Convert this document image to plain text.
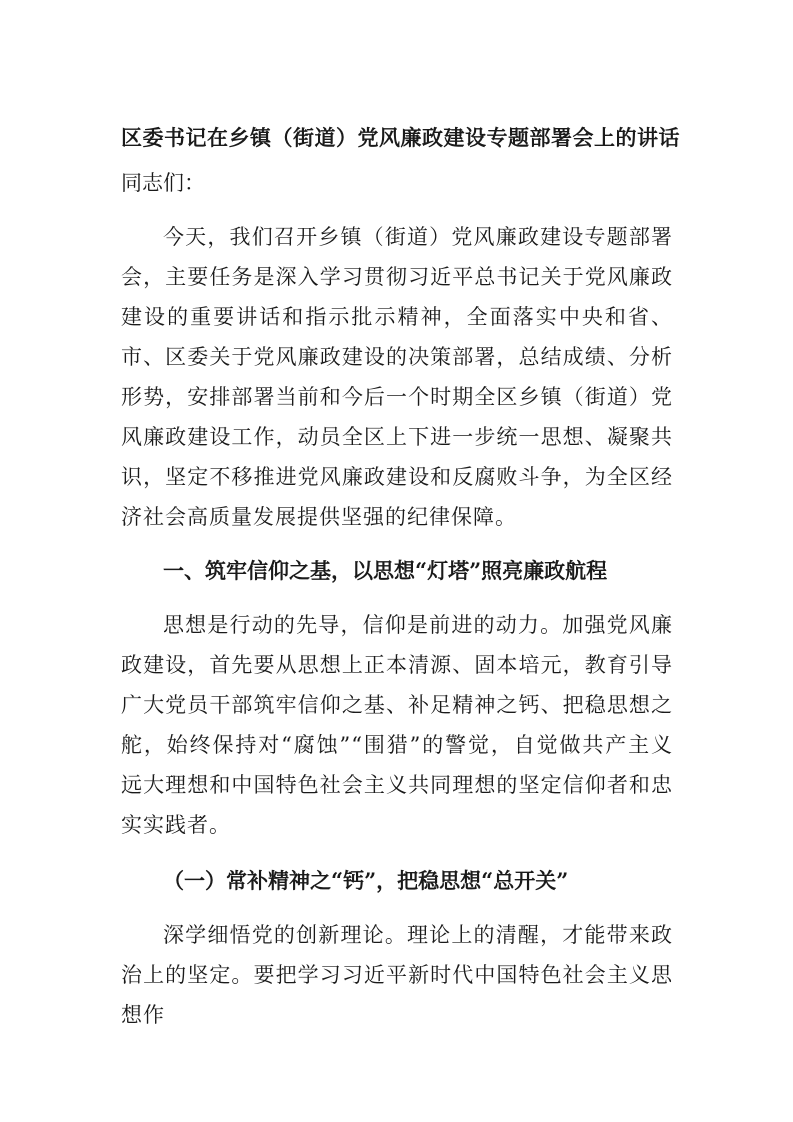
区委书记在乡镇（街道）党风廉政建设专题部署会上的讲话

同志们：

今天，我们召开乡镇（街道）党风廉政建设专题部署会，主要任务是深入学习贯彻习近平总书记关于党风廉政建设的重要讲话和指示批示精神，全面落实中央和省、市、区委关于党风廉政建设的决策部署，总结成绩、分析形势，安排部署当前和今后一个时期全区乡镇（街道）党风廉政建设工作，动员全区上下进一步统一思想、凝聚共识，坚定不移推进党风廉政建设和反腐败斗争，为全区经济社会高质量发展提供坚强的纪律保障。

一、筑牢信仰之基，以思想“灯塔”照亮廉政航程

思想是行动的先导，信仰是前进的动力。加强党风廉政建设，首先要从思想上正本清源、固本培元，教育引导广大党员干部筑牢信仰之基、补足精神之钙、把稳思想之舵，始终保持对“腐蚀”“围猎”的警觉，自觉做共产主义远大理想和中国特色社会主义共同理想的坚定信仰者和忠实实践者。

（一）常补精神之“钙”，把稳思想“总开关”

深学细悟党的创新理论。理论上的清醒，才能带来政治上的坚定。要把学习习近平新时代中国特色社会主义思想作
